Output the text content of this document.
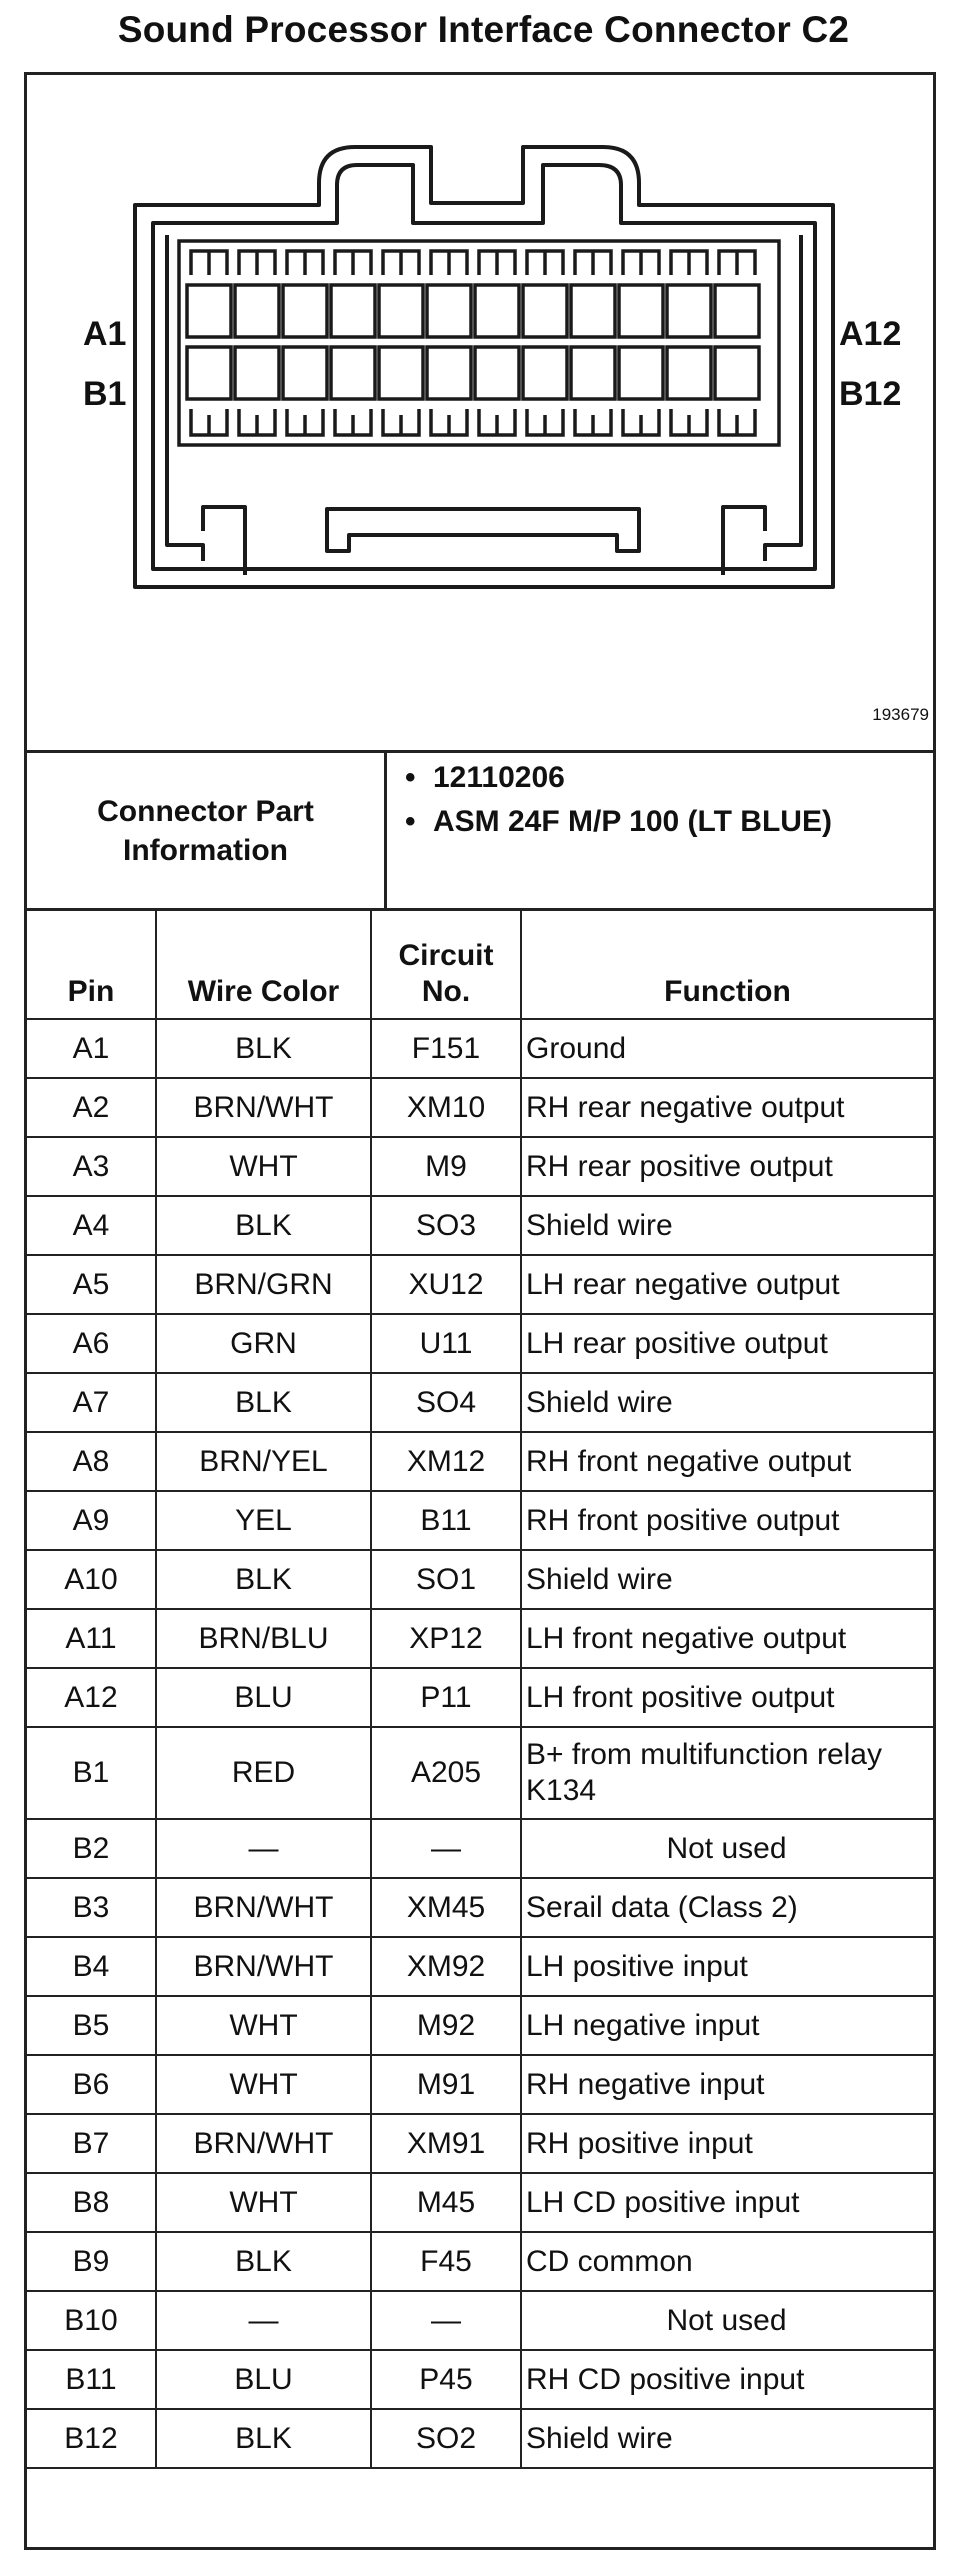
Sound Processor Interface Connector C2
A1
B1
A12
B12
193679
Connector Part Information
• 12110206
• ASM 24F M/P 100 (LT BLUE)
Pin	Wire Color	Circuit No.	Function
A1	BLK	F151	Ground
A2	BRN/WHT	XM10	RH rear negative output
A3	WHT	M9	RH rear positive output
A4	BLK	SO3	Shield wire
A5	BRN/GRN	XU12	LH rear negative output
A6	GRN	U11	LH rear positive output
A7	BLK	SO4	Shield wire
A8	BRN/YEL	XM12	RH front negative output
A9	YEL	B11	RH front positive output
A10	BLK	SO1	Shield wire
A11	BRN/BLU	XP12	LH front negative output
A12	BLU	P11	LH front positive output
B1	RED	A205	B+ from multifunction relay K134
B2	—	—	Not used
B3	BRN/WHT	XM45	Serail data (Class 2)
B4	BRN/WHT	XM92	LH positive input
B5	WHT	M92	LH negative input
B6	WHT	M91	RH negative input
B7	BRN/WHT	XM91	RH positive input
B8	WHT	M45	LH CD positive input
B9	BLK	F45	CD common
B10	—	—	Not used
B11	BLU	P45	RH CD positive input
B12	BLK	SO2	Shield wire
